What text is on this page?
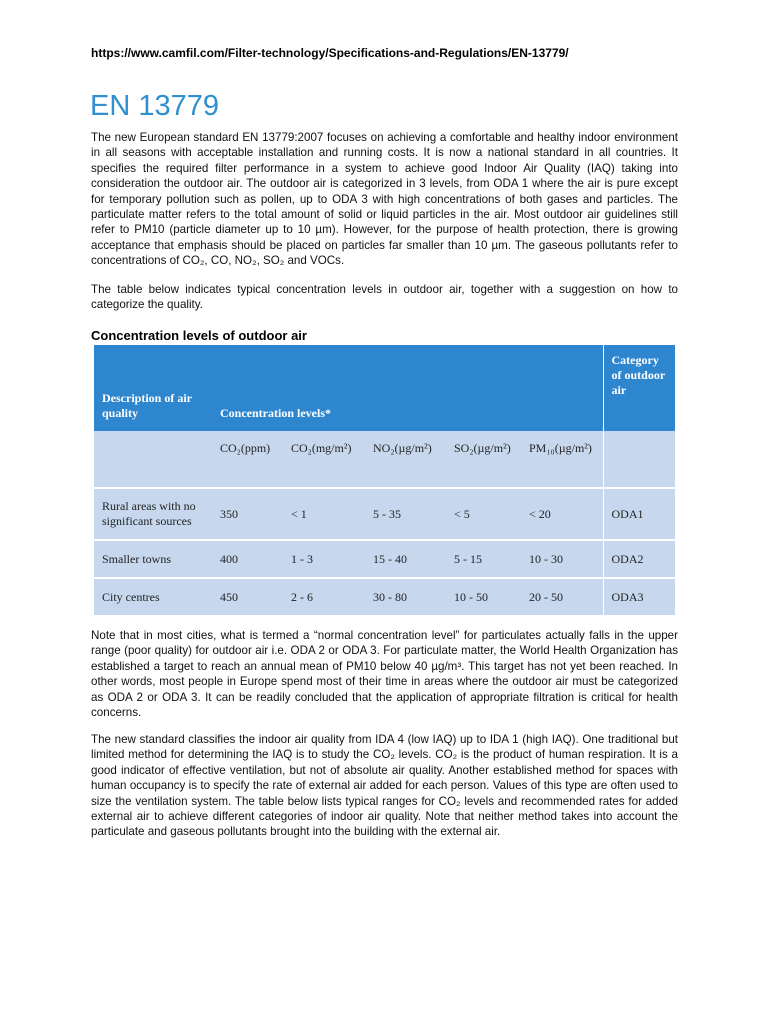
https://www.camfil.com/Filter-technology/Specifications-and-Regulations/EN-13779/
EN 13779

The new European standard EN 13779:2007 focuses on achieving a comfortable and healthy indoor environment in all seasons with acceptable installation and running costs. It is now a national standard in all countries. It specifies the required filter performance in a system to achieve good Indoor Air Quality (IAQ) taking into consideration the outdoor air. The outdoor air is categorized in 3 levels, from ODA 1 where the air is pure except for temporary pollution such as pollen, up to ODA 3 with high concentrations of both gases and particles. The particulate matter refers to the total amount of solid or liquid particles in the air. Most outdoor air guidelines still refer to PM10 (particle diameter up to 10 µm). However, for the purpose of health protection, there is growing acceptance that emphasis should be placed on particles far smaller than 10 µm. The gaseous pollutants refer to concentrations of CO₂, CO, NO₂, SO₂ and VOCs.

The table below indicates typical concentration levels in outdoor air, together with a suggestion on how to categorize the quality.

Concentration levels of outdoor air
Description of air quality	Concentration levels*					Category of outdoor air
	CO₂(ppm)	CO₂(mg/m²)	NO₂(µg/m²)	SO₂(µg/m²)	PM₁₀(µg/m²)	
Rural areas with no significant sources	350	< 1	5 - 35	< 5	< 20	ODA1
Smaller towns	400	1 - 3	15 - 40	5 - 15	10 - 30	ODA2
City centres	450	2 - 6	30 - 80	10 - 50	20 - 50	ODA3

Note that in most cities, what is termed a “normal concentration level” for particulates actually falls in the upper range (poor quality) for outdoor air i.e. ODA 2 or ODA 3. For particulate matter, the World Health Organization has established a target to reach an annual mean of PM10 below 40 µg/m³. This target has not yet been reached. In other words, most people in Europe spend most of their time in areas where the outdoor air must be categorized as ODA 2 or ODA 3. It can be readily concluded that the application of appropriate filtration is critical for health concerns.

The new standard classifies the indoor air quality from IDA 4 (low IAQ) up to IDA 1 (high IAQ). One traditional but limited method for determining the IAQ is to study the CO₂ levels. CO₂ is the product of human respiration. It is a good indicator of effective ventilation, but not of absolute air quality. Another established method for spaces with human occupancy is to specify the rate of external air added for each person. Values of this type are often used to size the ventilation system. The table below lists typical ranges for CO₂ levels and recommended rates for added external air to achieve different categories of indoor air quality. Note that neither method takes into account the particulate and gaseous pollutants brought into the building with the external air.
